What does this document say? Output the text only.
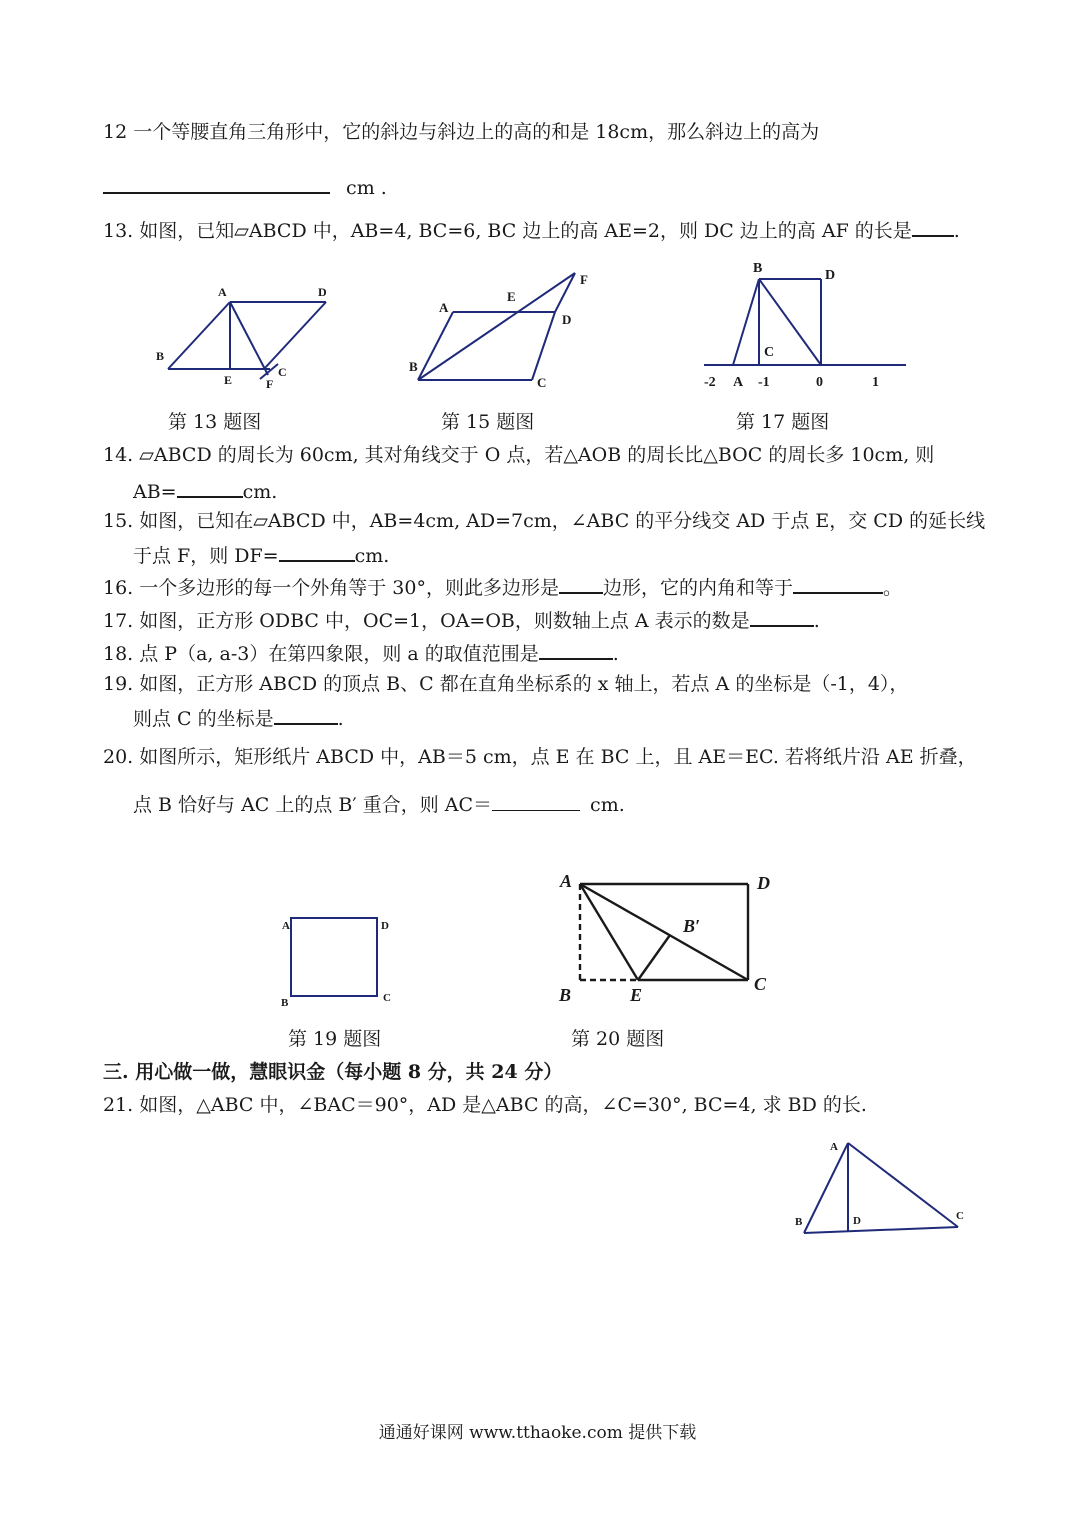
12 一个等腰直角三角形中，它的斜边与斜边上的高的和是 18cm，那么斜边上的高为
cm .
13. 如图，已知▱ABCD 中，AB=4, BC=6, BC 边上的高 AE=2，则 DC 边上的高 AF 的长是 .
A	D
B
E
C
F
A
E
F
D
B
C
B	D
C
-2 A -1	0	1
第 13 题图	第 15 题图	第 17 题图
14. ▱ABCD 的周长为 60cm, 其对角线交于 O 点，若△AOB 的周长比△BOC 的周长多 10cm, 则
AB=	cm.
15. 如图，已知在▱ABCD 中，AB=4cm, AD=7cm，∠ABC 的平分线交 AD 于点 E，交 CD 的延长线
于点 F，则 DF=	cm.
16. 一个多边形的每一个外角等于 30°，则此多边形是 边形，它的内角和等于	。
17. 如图，正方形 ODBC 中，OC=1，OA=OB，则数轴上点 A 表示的数是	.
18. 点 P（a, a-3）在第四象限，则 a 的取值范围是	.
19. 如图，正方形 ABCD 的顶点 B、C 都在直角坐标系的 x 轴上，若点 A 的坐标是（-1，4），
则点 C 的坐标是	.
20. 如图所示，矩形纸片 ABCD 中，AB＝5 cm，点 E 在 BC 上，且 AE＝EC. 若将纸片沿 AE 折叠，
点 B 恰好与 AC 上的点 B′ 重合，则 AC＝	cm.
A	D
B	C
A	D
B′
B	E
C
第 19 题图	第 20 题图
三. 用心做一做，慧眼识金（每小题 8 分，共 24 分）
21. 如图，△ABC 中，∠BAC＝90°，AD 是△ABC 的高，∠C=30°, BC=4, 求 BD 的长.
A
B	D	C
通通好课网 www.tthaoke.com 提供下载
